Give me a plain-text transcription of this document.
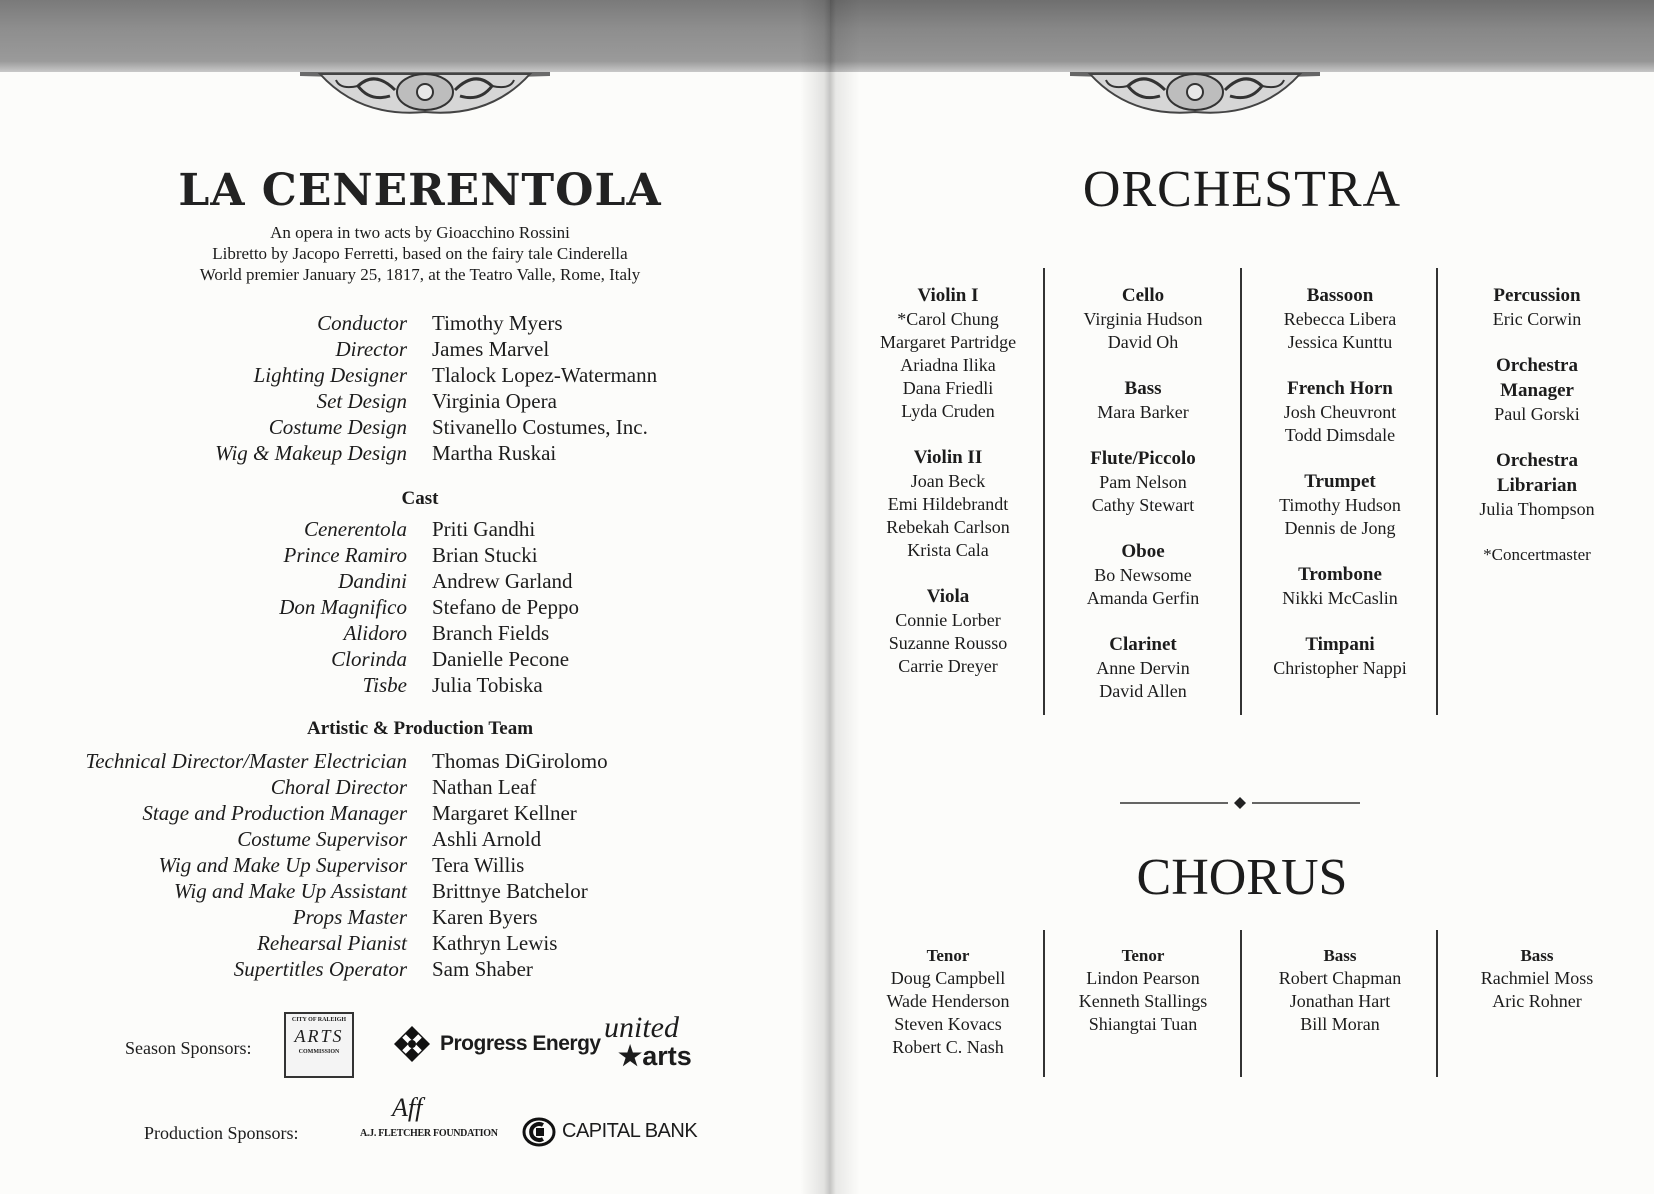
LA CENERENTOLA
An opera in two acts by Gioacchino Rossini
Libretto by Jacopo Ferretti, based on the fairy tale Cinderella
World premier January 25, 1817, at the Teatro Valle, Rome, Italy
Conductor Timothy Myers
Director James Marvel
Lighting Designer Tlalock Lopez-Watermann
Set Design Virginia Opera
Costume Design Stivanello Costumes, Inc.
Wig & Makeup Design Martha Ruskai
Cast
Cenerentola Priti Gandhi
Prince Ramiro Brian Stucki
Dandini Andrew Garland
Don Magnifico Stefano de Peppo
Alidoro Branch Fields
Clorinda Danielle Pecone
Tisbe Julia Tobiska
Artistic & Production Team
Technical Director/Master Electrician Thomas DiGirolomo
Choral Director Nathan Leaf
Stage and Production Manager Margaret Kellner
Costume Supervisor Ashli Arnold
Wig and Make Up Supervisor Tera Willis
Wig and Make Up Assistant Brittnye Batchelor
Props Master Karen Byers
Rehearsal Pianist Kathryn Lewis
Supertitles Operator Sam Shaber
Season Sponsors:
CITY OF RALEIGH
ARTS
COMMISSION	Progress Energy united
★arts
Production Sponsors:
Aff
A.J. FLETCHER FOUNDATION	CAPITAL BANK
ORCHESTRA
Violin I
*Carol Chung
Margaret Partridge
Ariadna Ilika
Dana Friedli
Lyda Cruden
Violin II
Joan Beck
Emi Hildebrandt
Rebekah Carlson
Krista Cala
Viola
Connie Lorber
Suzanne Rousso
Carrie Dreyer
Cello
Virginia Hudson
David Oh
Bass
Mara Barker
Flute/Piccolo
Pam Nelson
Cathy Stewart
Oboe
Bo Newsome
Amanda Gerfin
Clarinet
Anne Dervin
David Allen
Bassoon
Rebecca Libera
Jessica Kunttu
French Horn
Josh Cheuvront
Todd Dimsdale
Trumpet
Timothy Hudson
Dennis de Jong
Trombone
Nikki McCaslin
Timpani
Christopher Nappi
Percussion
Eric Corwin
Orchestra Manager
Paul Gorski
Orchestra Librarian
Julia Thompson
*Concertmaster
CHORUS
Tenor
Doug Campbell
Wade Henderson
Steven Kovacs
Robert C. Nash
Tenor
Lindon Pearson
Kenneth Stallings
Shiangtai Tuan
Bass
Robert Chapman
Jonathan Hart
Bill Moran
Bass
Rachmiel Moss
Aric Rohner
